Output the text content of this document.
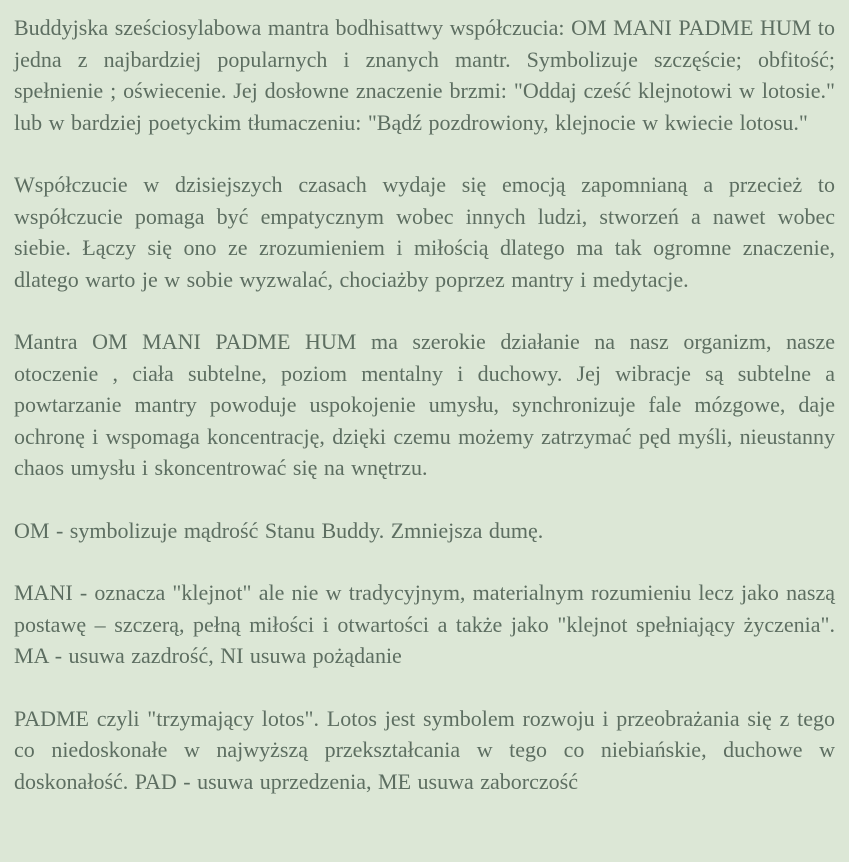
Buddyjska sześciosylabowa mantra bodhisattwy współczucia: OM MANI PADME HUM to jedna z najbardziej popularnych i znanych mantr. Symbolizuje szczęście; obfitość; spełnienie ; oświecenie. Jej dosłowne znaczenie brzmi: "Oddaj cześć klejnotowi w lotosie." lub w bardziej poetyckim tłumaczeniu: "Bądź pozdrowiony, klejnocie w kwiecie lotosu."

Współczucie w dzisiejszych czasach wydaje się emocją zapomnianą a przecież to współczucie pomaga być empatycznym wobec innych ludzi, stworzeń a nawet wobec siebie. Łączy się ono ze zrozumieniem i miłością dlatego ma tak ogromne znaczenie, dlatego warto je w sobie wyzwalać, chociażby poprzez mantry i medytacje.

Mantra OM MANI PADME HUM ma szerokie działanie na nasz organizm, nasze otoczenie , ciała subtelne, poziom mentalny i duchowy. Jej wibracje są subtelne a powtarzanie mantry powoduje uspokojenie umysłu, synchronizuje fale mózgowe, daje ochronę i wspomaga koncentrację, dzięki czemu możemy zatrzymać pęd myśli, nieustanny chaos umysłu i skoncentrować się na wnętrzu.

OM - symbolizuje mądrość Stanu Buddy. Zmniejsza dumę.

MANI - oznacza "klejnot" ale nie w tradycyjnym, materialnym rozumieniu lecz jako naszą postawę – szczerą, pełną miłości i otwartości a także jako "klejnot spełniający życzenia". MA - usuwa zazdrość, NI usuwa pożądanie

PADME czyli "trzymający lotos". Lotos jest symbolem rozwoju i przeobrażania się z tego co niedoskonałe w najwyższą przekształcania w tego co niebiańskie, duchowe w doskonałość. PAD - usuwa uprzedzenia, ME usuwa zaborczość
